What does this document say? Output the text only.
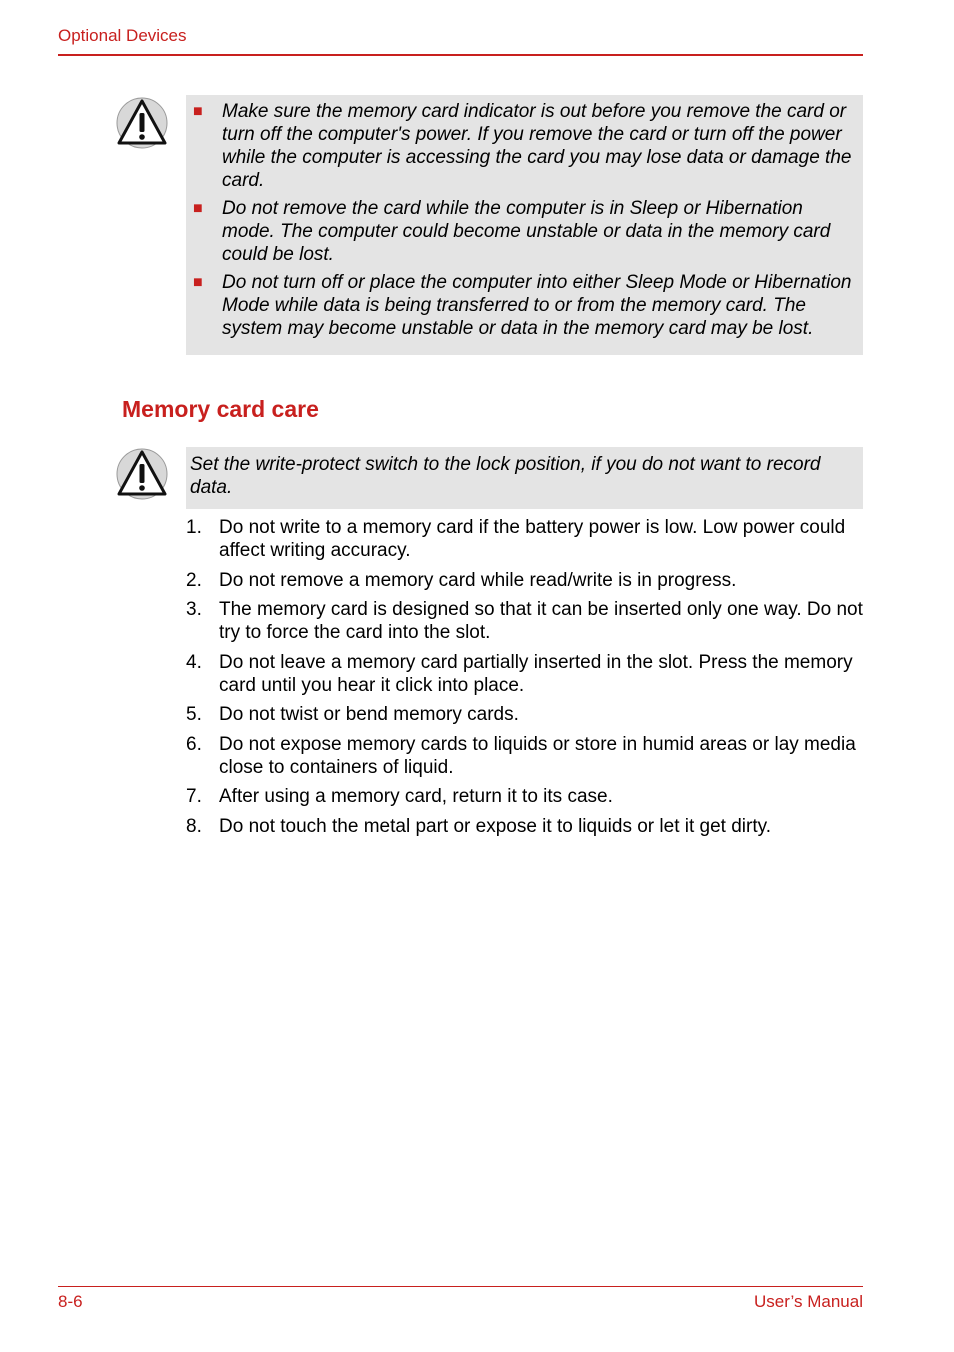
Optional Devices
■	Make sure the memory card indicator is out before you remove the card or turn off the computer's power. If you remove the card or turn off the power while the computer is accessing the card you may lose data or damage the card.
■	Do not remove the card while the computer is in Sleep or Hibernation mode. The computer could become unstable or data in the memory card could be lost.
■	Do not turn off or place the computer into either Sleep Mode or Hibernation Mode while data is being transferred to or from the memory card. The system may become unstable or data in the memory card may be lost.
Memory card care
Set the write-protect switch to the lock position, if you do not want to record data.
1. Do not write to a memory card if the battery power is low. Low power could affect writing accuracy.
2. Do not remove a memory card while read/write is in progress.
3. The memory card is designed so that it can be inserted only one way. Do not try to force the card into the slot.
4. Do not leave a memory card partially inserted in the slot. Press the memory card until you hear it click into place.
5. Do not twist or bend memory cards.
6. Do not expose memory cards to liquids or store in humid areas or lay media close to containers of liquid.
7. After using a memory card, return it to its case.
8. Do not touch the metal part or expose it to liquids or let it get dirty.
8-6	User’s Manual
